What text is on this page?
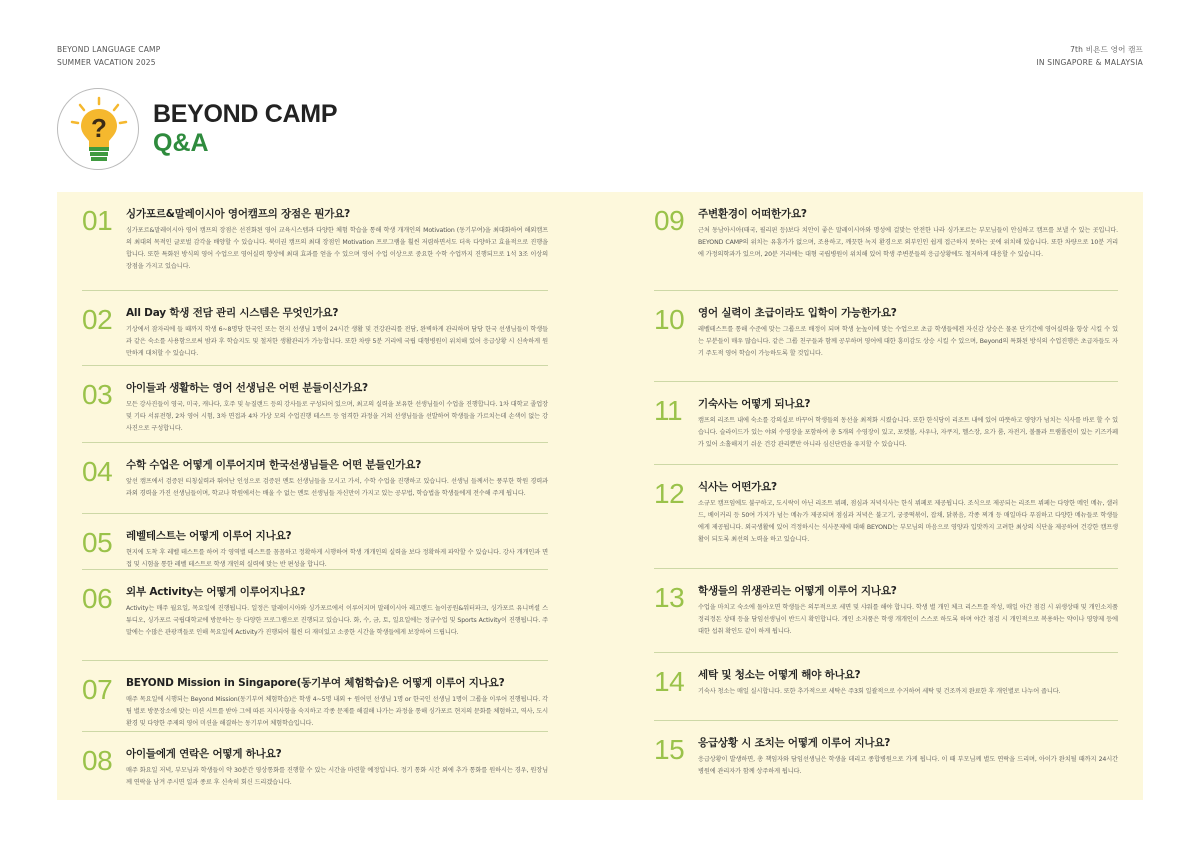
BEYOND LANGUAGE CAMP
SUMMER VACATION 2025
7th 비욘드 영어 캠프
IN SINGAPORE & MALAYSIA
? BEYOND CAMP
Q&A
01	싱가포르&말레이시아 영어캠프의 장점은 뭔가요?
싱가포르&말레이시아 영어 캠프의 장점은 선진화된 영어 교육시스템과 다양한 체험 학습을 통해 학생 개개인의 Motivation (동기부여)을 최대화하여 해외캠프의 최대의 목적인 글로벌 감각을 배양할 수 있습니다. 북미권 캠프의 최대 장점인 Motivation 프로그램을 훨씬 저렴하면서도 더욱 다양하고 효율적으로 진행을 합니다. 또한 특화된 방식의 영어 수업으로 영어실력 향상에 최대 효과를 얻을 수 있으며 영어 수업 이상으로 중요한 수학 수업까지 진행되므로 1석 3조 이상의 장점을 가지고 있습니다.
02	All Day 학생 전담 관리 시스템은 무엇인가요?
기상에서 잠자리에 들 때까지 학생 6~8명당 한국인 또는 현지 선생님 1명이 24시간 생활 및 건강관리를 전담, 완벽하게 관리하며 담당 한국 선생님들이 학생들과 같은 숙소를 사용함으로써 밤과 후 학습지도 및 철저한 생활관리가 가능합니다. 또한 차량 5분 거리에 국립 대형병원이 위치해 있어 응급상황 시 신속하게 원만하게 대처할 수 있습니다.
03	아이들과 생활하는 영어 선생님은 어떤 분들이신가요?
모든 강사진들이 영국, 미국, 캐나다, 호주 및 뉴질랜드 등의 강사들로 구성되어 있으며, 최고의 실력을 보유한 선생님들이 수업을 진행합니다. 1차 대학교 졸업장 및 기타 서류전형, 2차 영어 시험, 3차 면접과 4차 가상 모의 수업진행 테스트 등 엄격한 과정을 거쳐 선생님들을 선발하여 학생들을 가르치는데 손색이 없는 강사진으로 구성합니다.
04	수학 수업은 어떻게 이루어지며 한국선생님들은 어떤 분들인가요?
앞선 캠프에서 검증된 티칭실력과 뛰어난 인성으로 검증된 멘토 선생님들을 모시고 가서, 수학 수업을 진행하고 있습니다. 선생님 들께서는 풍부한 학원 경력과 과외 경력을 가진 선생님들이며, 학교나 학원에서는 배울 수 없는 멘토 선생님들 자신만이 가지고 있는 공부법, 학습법을 학생들에게 전수해 주게 됩니다.
05	레벨테스트는 어떻게 이루어 지나요?
현지에 도착 후 레벨 테스트를 하여 각 영역별 테스트를 꼼꼼하고 정확하게 시행하여 학생 개개인의 실력을 보다 정확하게 파악할 수 있습니다. 강사 개개인과 면접 및 시험을 통한 레벨 테스트로 학생 개인의 실력에 맞는 반 편성을 합니다.
06	외부 Activity는 어떻게 이루어지나요?
Activity는 매주 월요일, 목요일에 진행됩니다. 일정은 말레이시아와 싱가포르에서 이루어지며 말레이시아 레고랜드 놀이공원&워터파크, 싱가포르 유니버셜 스튜디오, 싱가포르 국립대학교에 방문하는 등 다양한 프로그램으로 진행되고 있습니다. 화, 수, 금, 토, 일요일에는 정규수업 및 Sports Activity이 진행됩니다. 주말에는 수많은 관광객들로 인해 목요일에 Activity가 진행되어 훨씬 더 재미있고 소중한 시간을 학생들에게 보장하여 드립니다.
07	BEYOND Mission in Singapore(동기부여 체험학습)은 어떻게 이루어 지나요?
매주 목요일에 시행되는 Beyond Mission(동기부여 체험학습)은 학생 4~5명 내외 + 원어민 선생님 1명 or 한국인 선생님 1명이 그룹을 이루어 진행됩니다. 각 팀 별로 방문장소에 맞는 미션 시트를 받아 그에 따른 지시사항을 숙지하고 각종 문제를 해결해 나가는 과정을 통해 싱가포르 현지의 문화를 체험하고, 역사, 도시환경 및 다양한 주제의 영어 미션을 해결하는 동기부여 체험학습입니다.
08	아이들에게 연락은 어떻게 하나요?
매주 화요일 저녁, 부모님과 학생들이 약 30분간 영상통화를 진행할 수 있는 시간을 마련할 예정입니다. 정기 통화 시간 외에 추가 통화를 원하시는 경우, 원장님께 연락을 남겨 주시면 일과 종료 후 신속히 회신 드리겠습니다.
09	주변환경이 어떠한가요?
근처 동남아시아(태국, 필리핀 등)보다 치안이 좋은 말레이시아와 명성에 걸맞는 안전한 나라 싱가포르는 부모님들이 안심하고 캠프를 보낼 수 있는 곳입니다. BEYOND CAMP의 위치는 유흥가가 없으며, 조용하고, 깨끗한 녹지 환경으로 외부인인 쉽게 접근하지 못하는 곳에 위치해 있습니다. 또한 차량으로 10분 거리에 가정의학과가 있으며, 20분 거리에는 대형 국립병원이 위치해 있어 학생 주변분들의 응급상황에도 철저하게 대응할 수 있습니다.
10	영어 실력이 초급이라도 입학이 가능한가요?
레벨테스트를 통해 수준에 맞는 그룹으로 배정이 되며 학생 눈높이에 맞는 수업으로 초급 학생들에겐 자신감 상승은 물론 단기간에 영어실력을 항상 시킬 수 있는 부분들이 매우 많습니다. 같은 그룹 친구들과 함께 공부하며 영어에 대한 흥미감도 상승 시킬 수 있으며, Beyond의 특화된 방식의 수업진행은 초급자들도 자기 주도적 영어 학습이 가능하도록 할 것입니다.
11	기숙사는 어떻게 되나요?
캠프의 리조트 내에 숙소를 강의실로 바꾸어 학생들의 동선을 최적화 시켰습니다. 또한 한식당이 리조트 내에 있어 따뜻하고 영양가 넘치는 식사를 바로 할 수 있습니다. 슬라이드가 있는 야외 수영장을 포함하여 총 5개의 수영장이 있고, 포켓볼, 사우나, 자쿠지, 헬스장, 요가 룸, 자전거, 볼풀과 트램폴린이 있는 키즈카페가 있어 소홀해지기 쉬운 건강 관리뿐만 아니라 심신단련을 유지할 수 있습니다.
12	식사는 어떤가요?
소규모 캠프임에도 불구하고, 도시락이 아닌 리조트 뷔페, 점심과 저녁식사는 한식 뷔페로 제공됩니다. 조식으로 제공되는 리조트 뷔페는 다양한 메인 메뉴, 샐러드, 베이커리 등 50여 가지가 넘는 메뉴가 제공되며 점심과 저녁은 불고기, 궁중떡볶이, 잡채, 닭볶음, 각종 찌개 등 매일마다 푸짐하고 다양한 메뉴들로 학생들에게 제공됩니다. 외국생활에 있어 걱정하시는 식사문제에 대해 BEYOND는 부모님의 마음으로 영양과 입맛까지 고려한 최상의 식단을 제공하여 건강한 캠프생활이 되도록 최선의 노력을 하고 있습니다.
13	학생들의 위생관리는 어떻게 이루어 지나요?
수업을 마치고 숙소에 돌아오면 학생들은 의무적으로 세면 및 샤워를 해야 합니다. 학생 별 개인 체크 리스트를 작성, 매일 아간 점검 시 위생상태 및 개인소지품 정리정돈 상태 등을 담임선생님이 반드시 확인합니다. 개인 소지품은 학생 개개인이 스스로 하도록 하며 야간 점검 시 개인적으로 복용하는 약이나 영양제 등에 대한 섭취 확인도 같이 하게 됩니다.
14	세탁 및 청소는 어떻게 해야 하나요?
기숙사 청소는 매일 실시합니다. 또한 추가적으로 세탁은 주3회 일괄적으로 수거하여 세탁 및 건조까지 완료한 후 개인별로 나누어 줍니다.
15	응급상황 시 조치는 어떻게 이루어 지나요?
응급상황이 발생하면, 총 책임자와 담임선생님은 학생을 데리고 종합병원으로 가게 됩니다. 이 때 부모님께 별도 연락을 드리며, 아이가 완치될 때까지 24시간 병원에 관리자가 함께 상주하게 됩니다.
